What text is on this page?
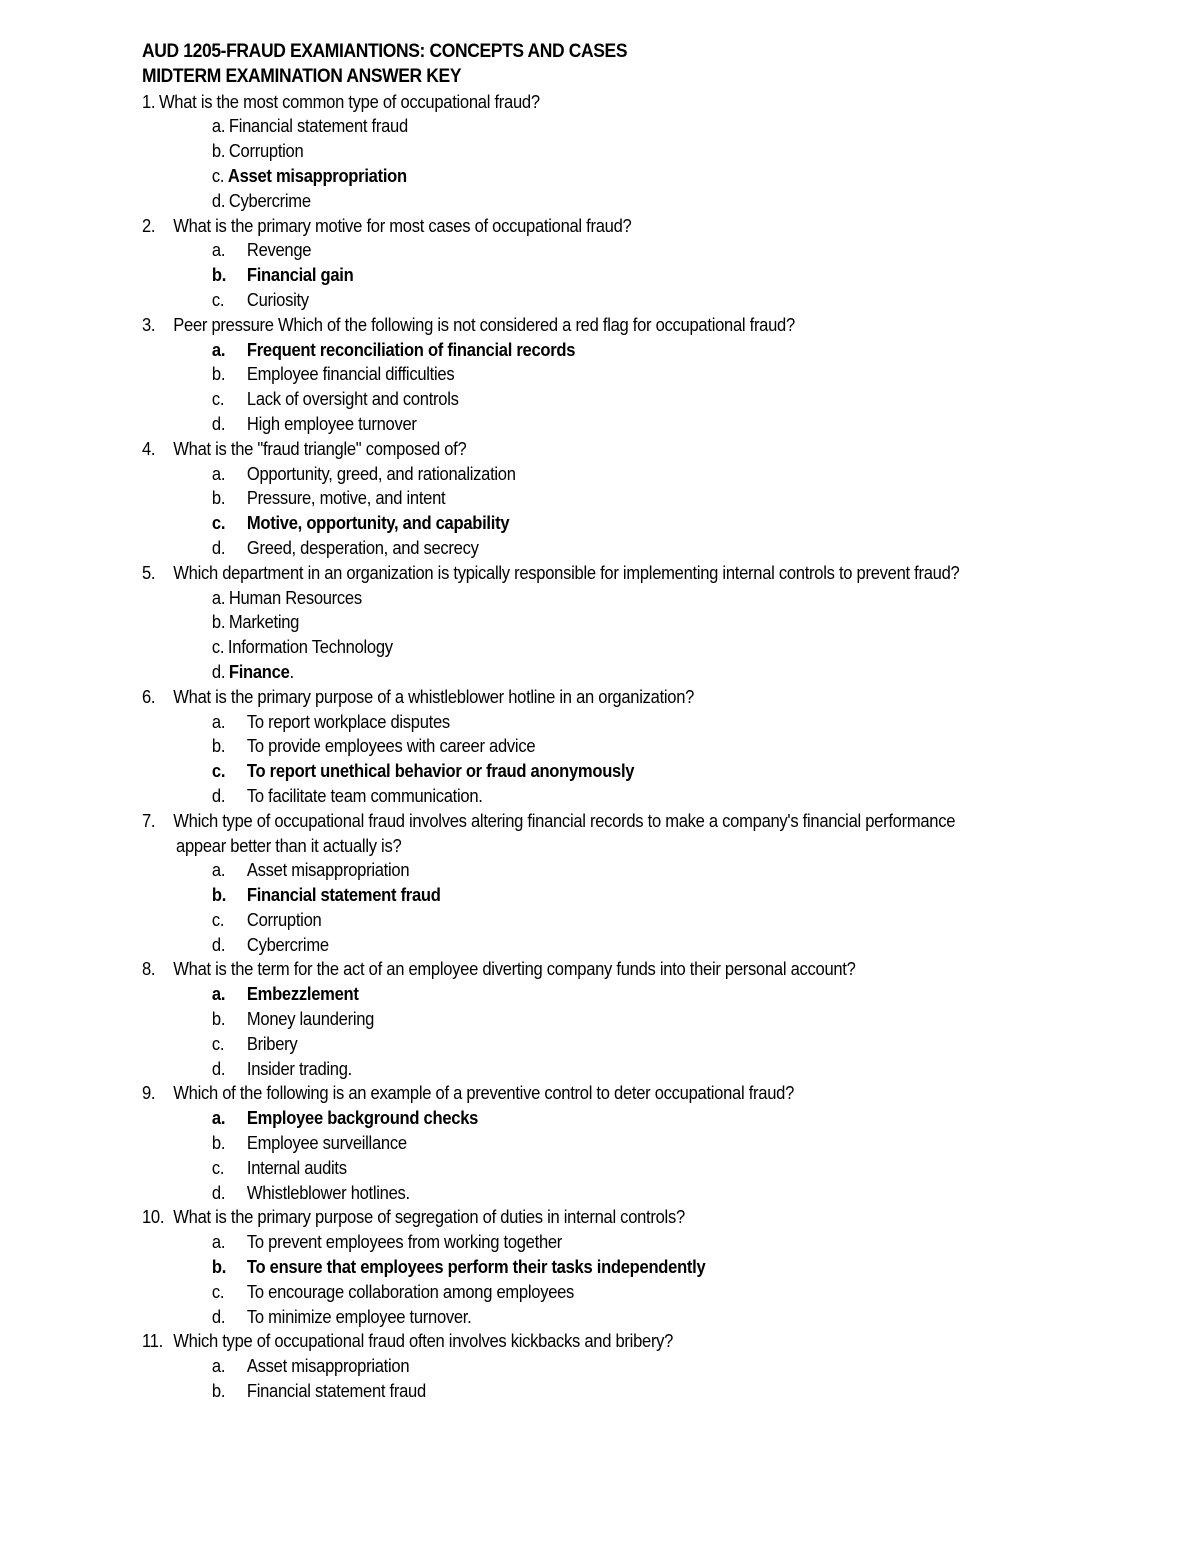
AUD 1205-FRAUD EXAMIANTIONS: CONCEPTS AND CASES
MIDTERM EXAMINATION ANSWER KEY
1. What is the most common type of occupational fraud?
a. Financial statement fraud
b. Corruption
c. Asset misappropriation
d. Cybercrime
2. What is the primary motive for most cases of occupational fraud?
a. Revenge
b. Financial gain
c. Curiosity
3. Peer pressure Which of the following is not considered a red flag for occupational fraud?
a. Frequent reconciliation of financial records
b. Employee financial difficulties
c. Lack of oversight and controls
d. High employee turnover
4. What is the "fraud triangle" composed of?
a. Opportunity, greed, and rationalization
b. Pressure, motive, and intent
c. Motive, opportunity, and capability
d. Greed, desperation, and secrecy
5. Which department in an organization is typically responsible for implementing internal controls to prevent fraud?
a. Human Resources
b. Marketing
c. Information Technology
d. Finance.
6. What is the primary purpose of a whistleblower hotline in an organization?
a. To report workplace disputes
b. To provide employees with career advice
c. To report unethical behavior or fraud anonymously
d. To facilitate team communication.
7. Which type of occupational fraud involves altering financial records to make a company's financial performance
appear better than it actually is?
a. Asset misappropriation
b. Financial statement fraud
c. Corruption
d. Cybercrime
8. What is the term for the act of an employee diverting company funds into their personal account?
a. Embezzlement
b. Money laundering
c. Bribery
d. Insider trading.
9. Which of the following is an example of a preventive control to deter occupational fraud?
a. Employee background checks
b. Employee surveillance
c. Internal audits
d. Whistleblower hotlines.
10. What is the primary purpose of segregation of duties in internal controls?
a. To prevent employees from working together
b. To ensure that employees perform their tasks independently
c. To encourage collaboration among employees
d. To minimize employee turnover.
11. Which type of occupational fraud often involves kickbacks and bribery?
a. Asset misappropriation
b. Financial statement fraud
